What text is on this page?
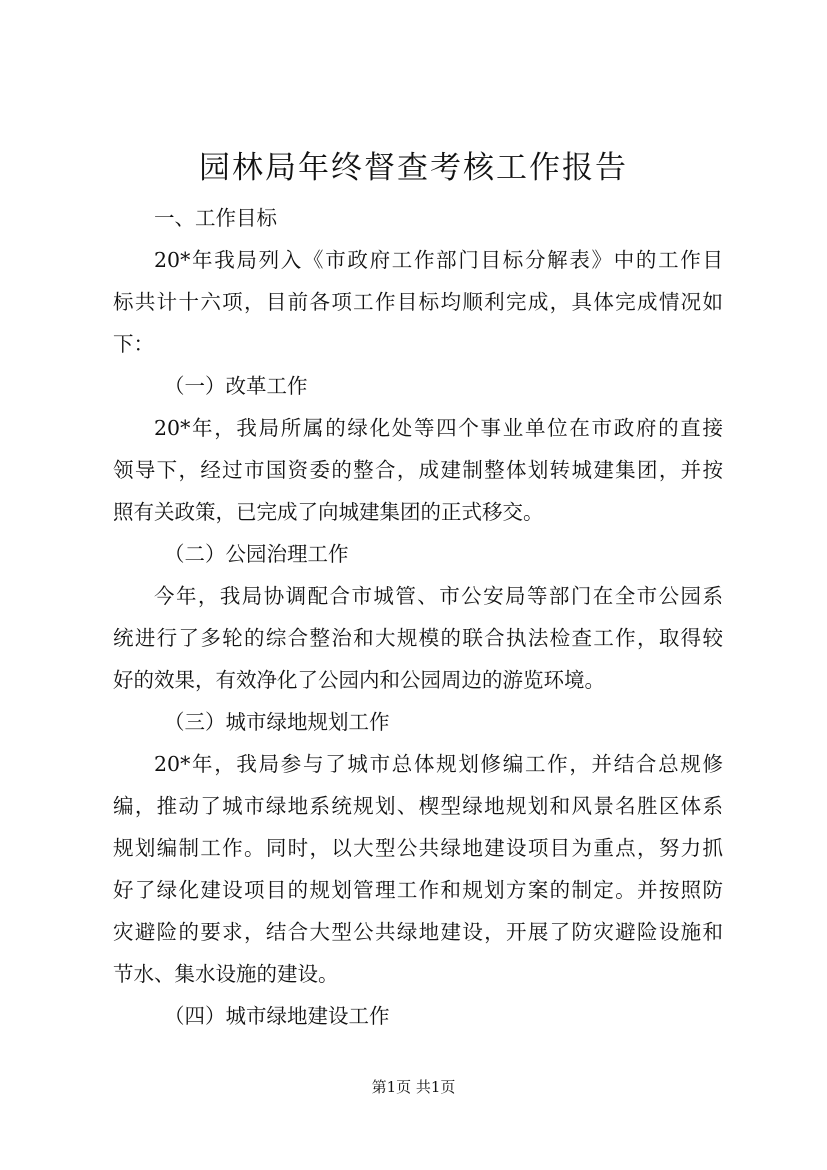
园林局年终督查考核工作报告
一、工作目标
20*年我局列入《市政府工作部门目标分解表》中的工作目
标共计十六项，目前各项工作目标均顺利完成，具体完成情况如
下：
（一）改革工作
20*年，我局所属的绿化处等四个事业单位在市政府的直接
领导下，经过市国资委的整合，成建制整体划转城建集团，并按
照有关政策，已完成了向城建集团的正式移交。
（二）公园治理工作
今年，我局协调配合市城管、市公安局等部门在全市公园系
统进行了多轮的综合整治和大规模的联合执法检查工作，取得较
好的效果，有效净化了公园内和公园周边的游览环境。
（三）城市绿地规划工作
20*年，我局参与了城市总体规划修编工作，并结合总规修
编，推动了城市绿地系统规划、楔型绿地规划和风景名胜区体系
规划编制工作。同时，以大型公共绿地建设项目为重点，努力抓
好了绿化建设项目的规划管理工作和规划方案的制定。并按照防
灾避险的要求，结合大型公共绿地建设，开展了防灾避险设施和
节水、集水设施的建设。
（四）城市绿地建设工作
第1页 共1页
